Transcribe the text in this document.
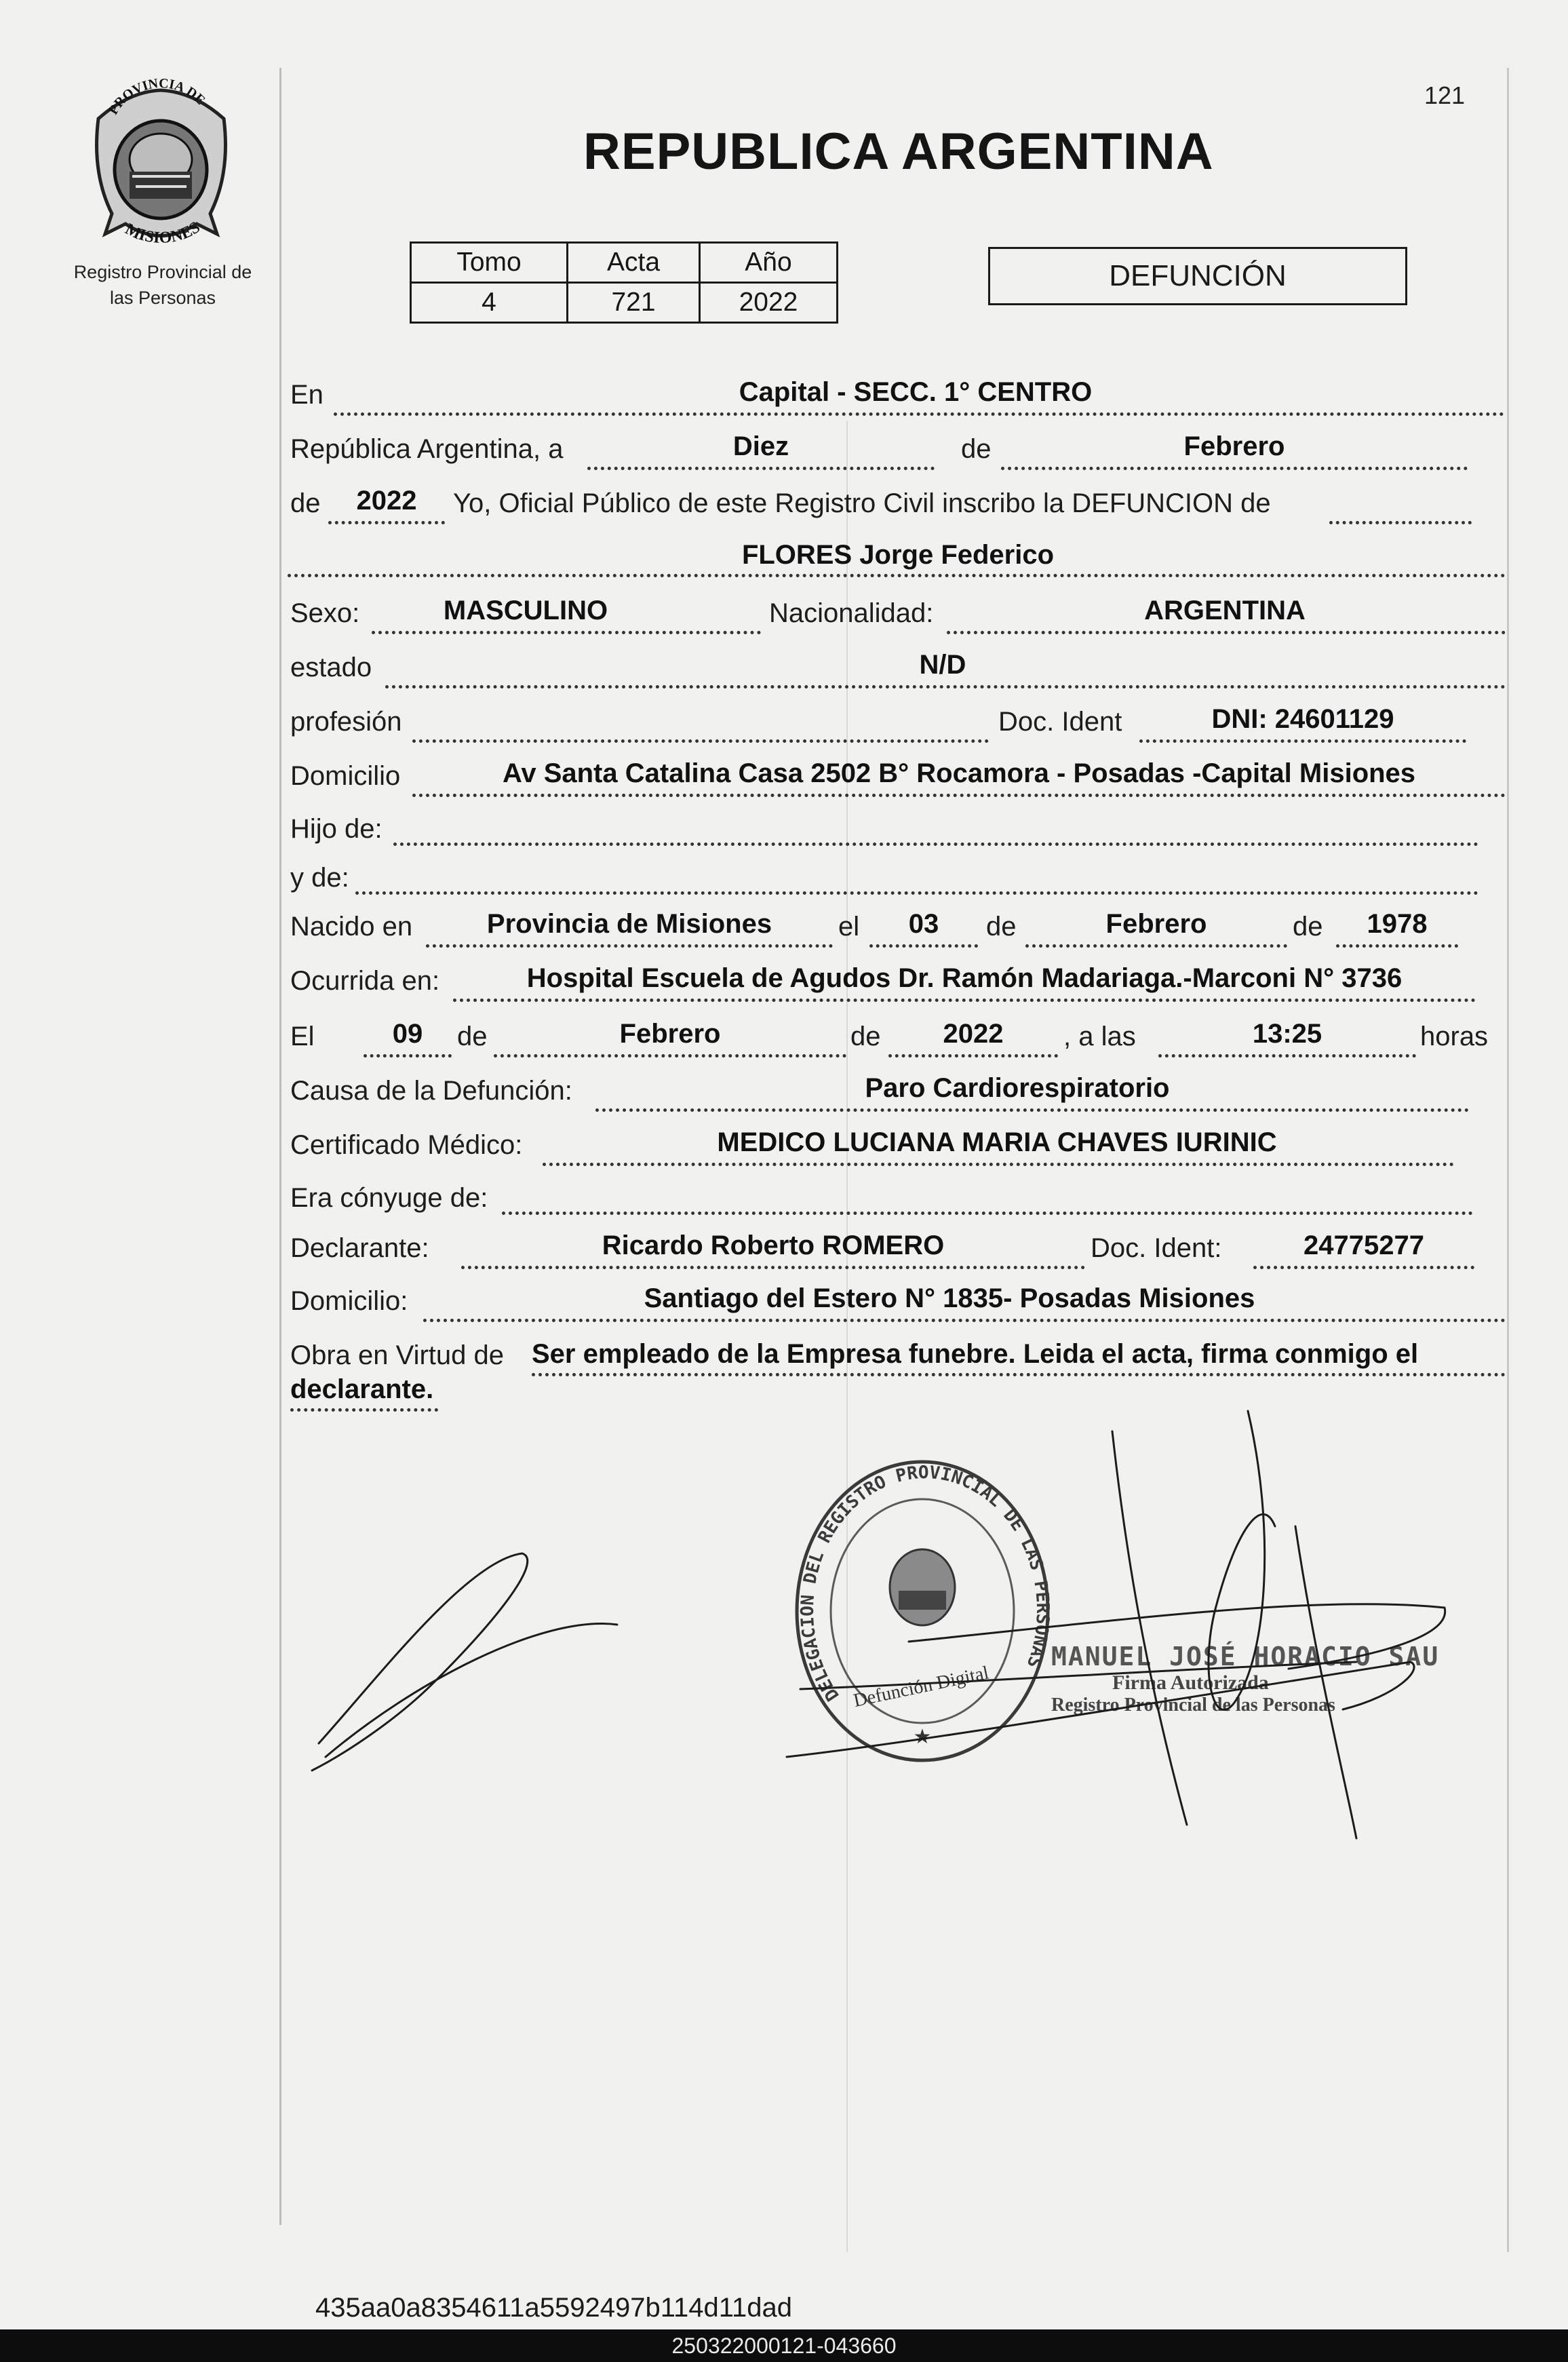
PROVINCIA DE
MISIONES
Registro Provincial de
las Personas
121
REPUBLICA ARGENTINA
Tomo	Acta	Año
4	721	2022
DEFUNCIÓN
En	Capital - SECC. 1° CENTRO
República Argentina, a	Diez	de	Febrero
de	2022	Yo, Oficial Público de este Registro Civil inscribo la DEFUNCION de
FLORES Jorge Federico
Sexo:	MASCULINO	Nacionalidad:	ARGENTINA
estado	N/D
profesión	Doc. Ident	DNI: 24601129
Domicilio	Av Santa Catalina Casa 2502 B° Rocamora - Posadas -Capital Misiones
Hijo de:
y de:
Nacido en	Provincia de Misiones	el	03	de	Febrero	de	1978
Ocurrida en:	Hospital Escuela de Agudos Dr. Ramón Madariaga.-Marconi N° 3736
El	09	de	Febrero	de	2022	, a las	13:25	horas
Causa de la Defunción:	Paro Cardiorespiratorio
Certificado Médico:	MEDICO LUCIANA MARIA CHAVES IURINIC
Era cónyuge de:
Declarante:	Ricardo Roberto ROMERO	Doc. Ident:	24775277
Domicilio:	Santiago del Estero N° 1835- Posadas Misiones
Obra en Virtud de Ser empleado de la Empresa funebre. Leida el acta, firma conmigo el
declarante.
DELEGACION DEL REGISTRO PROVINCIAL DE LAS PERSONAS
Defunción Digital
★
MANUEL JOSÉ HORACIO SAU
Firma Autorizada
Registro Provincial de las Personas
435aa0a8354611a5592497b114d11dad
250322000121-043660
